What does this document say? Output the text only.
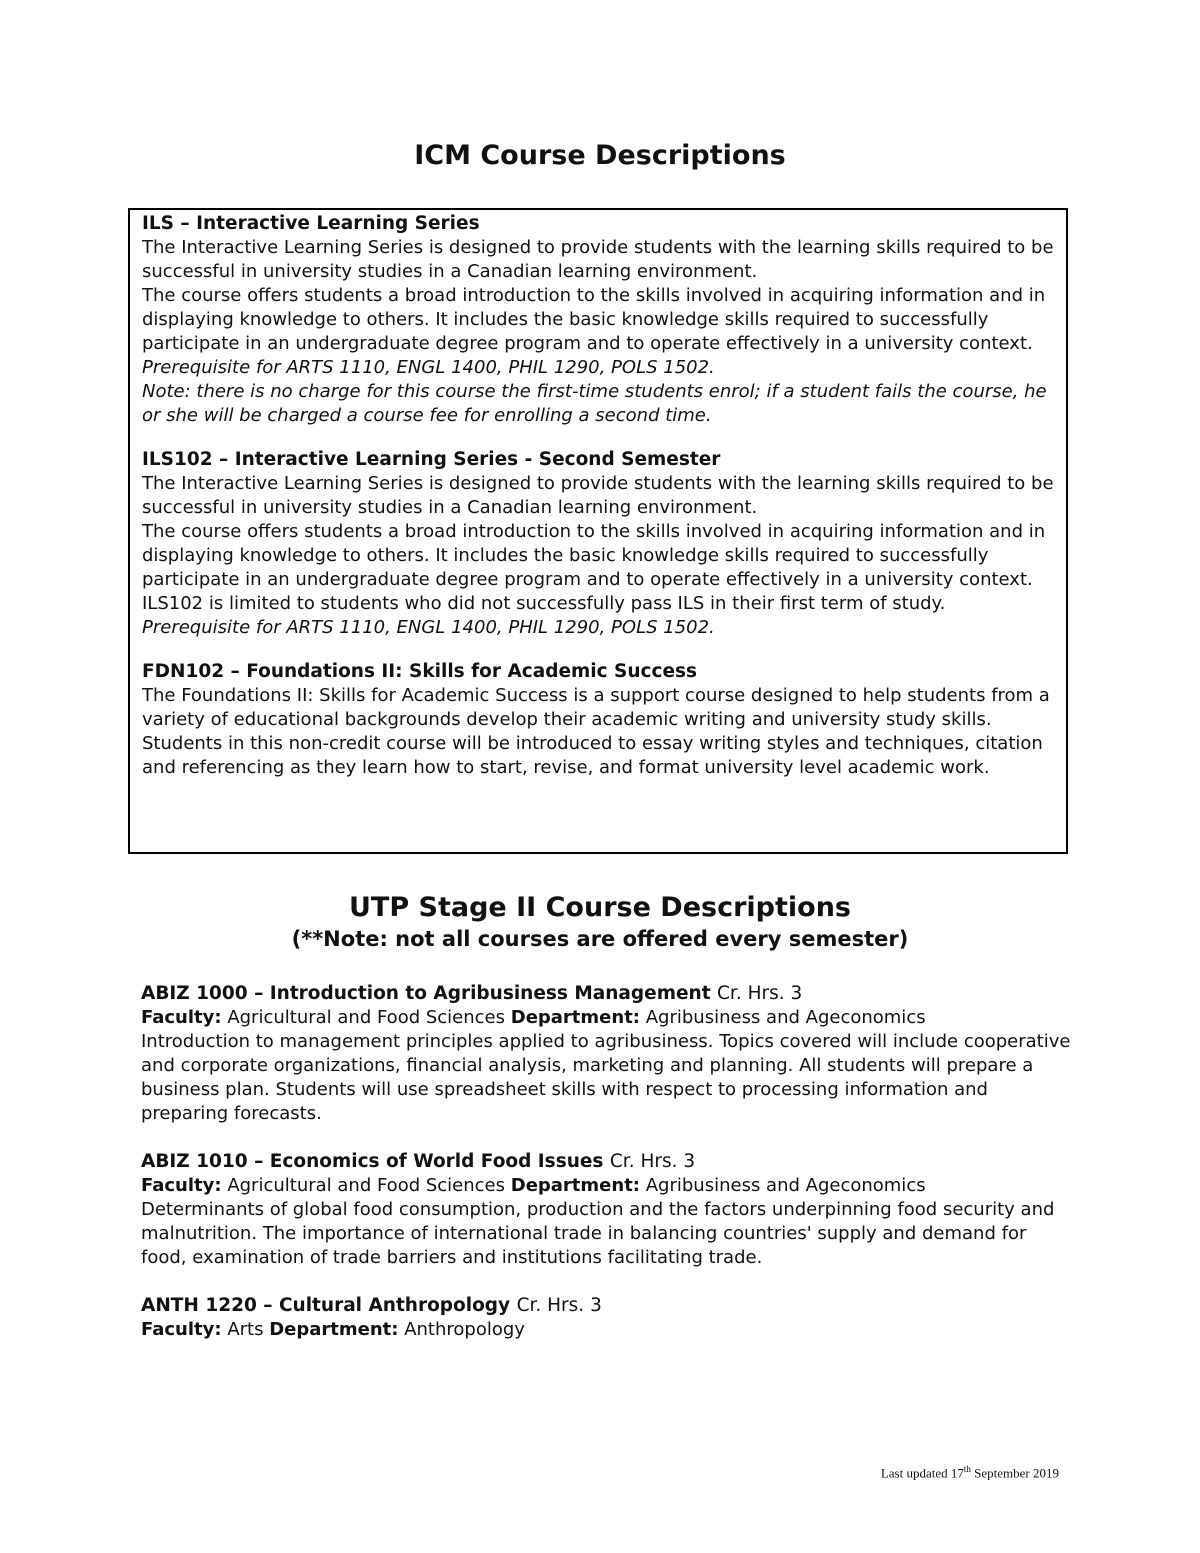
ICM Course Descriptions

ILS – Interactive Learning Series

The Interactive Learning Series is designed to provide students with the learning skills required to be successful in university studies in a Canadian learning environment.
The course offers students a broad introduction to the skills involved in acquiring information and in displaying knowledge to others. It includes the basic knowledge skills required to successfully participate in an undergraduate degree program and to operate effectively in a university context. Prerequisite for ARTS 1110, ENGL 1400, PHIL 1290, POLS 1502.
Note: there is no charge for this course the first-time students enrol; if a student fails the course, he or she will be charged a course fee for enrolling a second time.

ILS102 – Interactive Learning Series - Second Semester

The Interactive Learning Series is designed to provide students with the learning skills required to be successful in university studies in a Canadian learning environment.
The course offers students a broad introduction to the skills involved in acquiring information and in displaying knowledge to others. It includes the basic knowledge skills required to successfully participate in an undergraduate degree program and to operate effectively in a university context. ILS102 is limited to students who did not successfully pass ILS in their first term of study. Prerequisite for ARTS 1110, ENGL 1400, PHIL 1290, POLS 1502.

FDN102 – Foundations II: Skills for Academic Success

The Foundations II: Skills for Academic Success is a support course designed to help students from a variety of educational backgrounds develop their academic writing and university study skills. Students in this non-credit course will be introduced to essay writing styles and techniques, citation and referencing as they learn how to start, revise, and format university level academic work.

UTP Stage II Course Descriptions

(**Note: not all courses are offered every semester)

ABIZ 1000 – Introduction to Agribusiness Management Cr. Hrs. 3

Faculty: Agricultural and Food Sciences Department: Agribusiness and Ageconomics

Introduction to management principles applied to agribusiness. Topics covered will include cooperative and corporate organizations, financial analysis, marketing and planning. All students will prepare a business plan. Students will use spreadsheet skills with respect to processing information and preparing forecasts.

ABIZ 1010 – Economics of World Food Issues Cr. Hrs. 3

Faculty: Agricultural and Food Sciences Department: Agribusiness and Ageconomics

Determinants of global food consumption, production and the factors underpinning food security and malnutrition. The importance of international trade in balancing countries' supply and demand for food, examination of trade barriers and institutions facilitating trade.

ANTH 1220 – Cultural Anthropology Cr. Hrs. 3

Faculty: Arts Department: Anthropology

Last updated 17th September 2019
